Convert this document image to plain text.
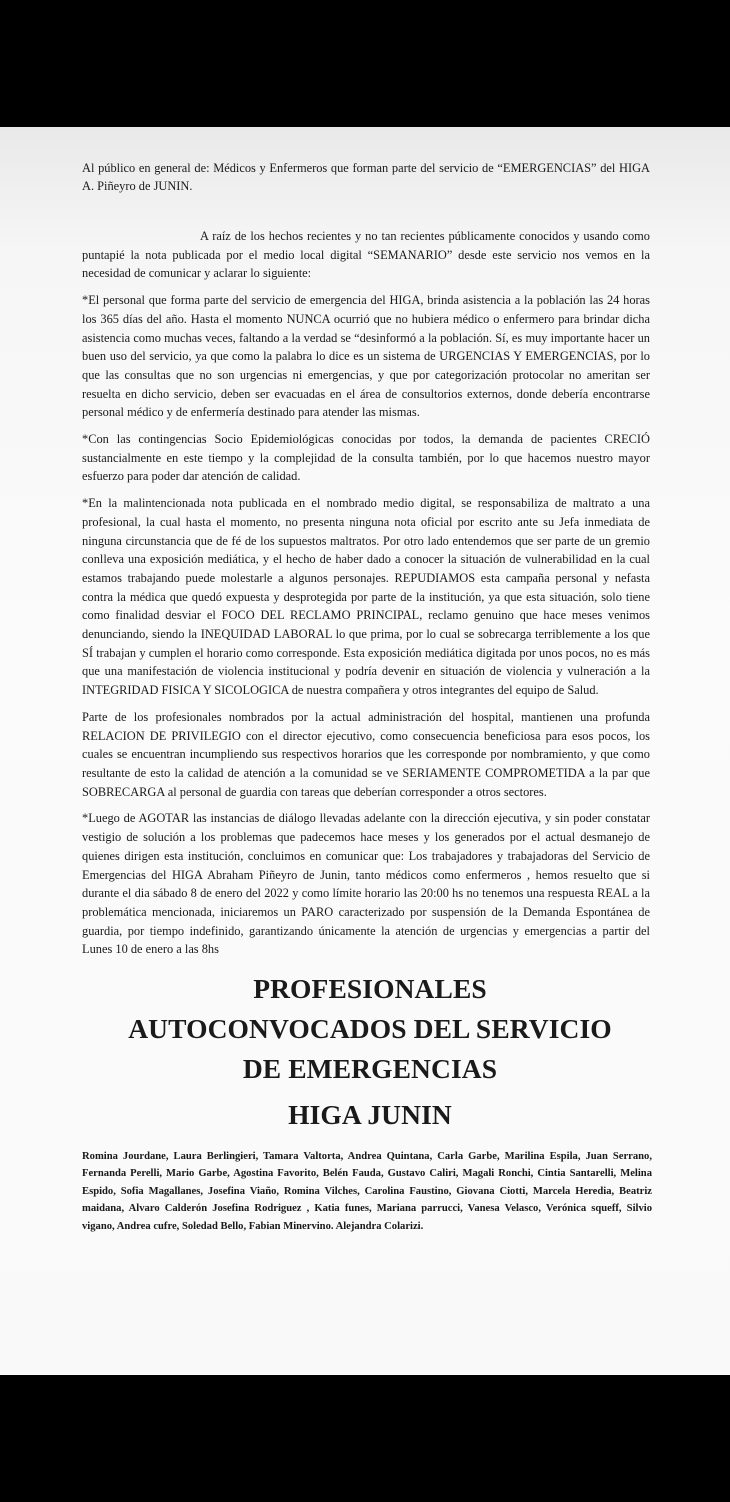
Al público en general de: Médicos y Enfermeros que forman parte del servicio de “EMERGENCIAS” del HIGA A. Piñeyro de JUNIN.

A raíz de los hechos recientes y no tan recientes públicamente conocidos y usando como puntapié la nota publicada por el medio local digital “SEMANARIO” desde este servicio nos vemos en la necesidad de comunicar y aclarar lo siguiente:

*El personal que forma parte del servicio de emergencia del HIGA, brinda asistencia a la población las 24 horas los 365 días del año. Hasta el momento NUNCA ocurrió que no hubiera médico o enfermero para brindar dicha asistencia como muchas veces, faltando a la verdad se “desinformó a la población. Sí, es muy importante hacer un buen uso del servicio, ya que como la palabra lo dice es un sistema de URGENCIAS Y EMERGENCIAS, por lo que las consultas que no son urgencias ni emergencias, y que por categorización protocolar no ameritan ser resuelta en dicho servicio, deben ser evacuadas en el área de consultorios externos, donde debería encontrarse personal médico y de enfermería destinado para atender las mismas.

*Con las contingencias Socio Epidemiológicas conocidas por todos, la demanda de pacientes CRECIÓ sustancialmente en este tiempo y la complejidad de la consulta también, por lo que hacemos nuestro mayor esfuerzo para poder dar atención de calidad.

*En la malintencionada nota publicada en el nombrado medio digital, se responsabiliza de maltrato a una profesional, la cual hasta el momento, no presenta ninguna nota oficial por escrito ante su Jefa inmediata de ninguna circunstancia que de fé de los supuestos maltratos. Por otro lado entendemos que ser parte de un gremio conlleva una exposición mediática, y el hecho de haber dado a conocer la situación de vulnerabilidad en la cual estamos trabajando puede molestarle a algunos personajes. REPUDIAMOS esta campaña personal y nefasta contra la médica que quedó expuesta y desprotegida por parte de la institución, ya que esta situación, solo tiene como finalidad desviar el FOCO DEL RECLAMO PRINCIPAL, reclamo genuino que hace meses venimos denunciando, siendo la INEQUIDAD LABORAL lo que prima, por lo cual se sobrecarga terriblemente a los que SÍ trabajan y cumplen el horario como corresponde. Esta exposición mediática digitada por unos pocos, no es más que una manifestación de violencia institucional y podría devenir en situación de violencia y vulneración a la INTEGRIDAD FISICA Y SICOLOGICA de nuestra compañera y otros integrantes del equipo de Salud.

Parte de los profesionales nombrados por la actual administración del hospital, mantienen una profunda RELACION DE PRIVILEGIO con el director ejecutivo, como consecuencia beneficiosa para esos pocos, los cuales se encuentran incumpliendo sus respectivos horarios que les corresponde por nombramiento, y que como resultante de esto la calidad de atención a la comunidad se ve SERIAMENTE COMPROMETIDA a la par que SOBRECARGA al personal de guardia con tareas que deberían corresponder a otros sectores.

*Luego de AGOTAR las instancias de diálogo llevadas adelante con la dirección ejecutiva, y sin poder constatar vestigio de solución a los problemas que padecemos hace meses y los generados por el actual desmanejo de quienes dirigen esta institución, concluimos en comunicar que: Los trabajadores y trabajadoras del Servicio de Emergencias del HIGA Abraham Piñeyro de Junin, tanto médicos como enfermeros , hemos resuelto que si durante el dia sábado 8 de enero del 2022 y como límite horario las 20:00 hs no tenemos una respuesta REAL a la problemática mencionada, iniciaremos un PARO caracterizado por suspensión de la Demanda Espontánea de guardia, por tiempo indefinido, garantizando únicamente la atención de urgencias y emergencias a partir del Lunes 10 de enero a las 8hs

PROFESIONALES
AUTOCONVOCADOS DEL SERVICIO
DE EMERGENCIAS
HIGA JUNIN

Romina Jourdane, Laura Berlingieri, Tamara Valtorta, Andrea Quintana, Carla Garbe, Marilina Espila, Juan Serrano, Fernanda Perelli, Mario Garbe, Agostina Favorito, Belén Fauda, Gustavo Caliri, Magali Ronchi, Cintia Santarelli, Melina Espido, Sofia Magallanes, Josefina Viaño, Romina Vilches, Carolina Faustino, Giovana Ciotti, Marcela Heredia, Beatriz maidana, Alvaro Calderón Josefina Rodriguez , Katia funes, Mariana parrucci, Vanesa Velasco, Verónica squeff, Silvio vigano, Andrea cufre, Soledad Bello, Fabian Minervino. Alejandra Colarizi.
